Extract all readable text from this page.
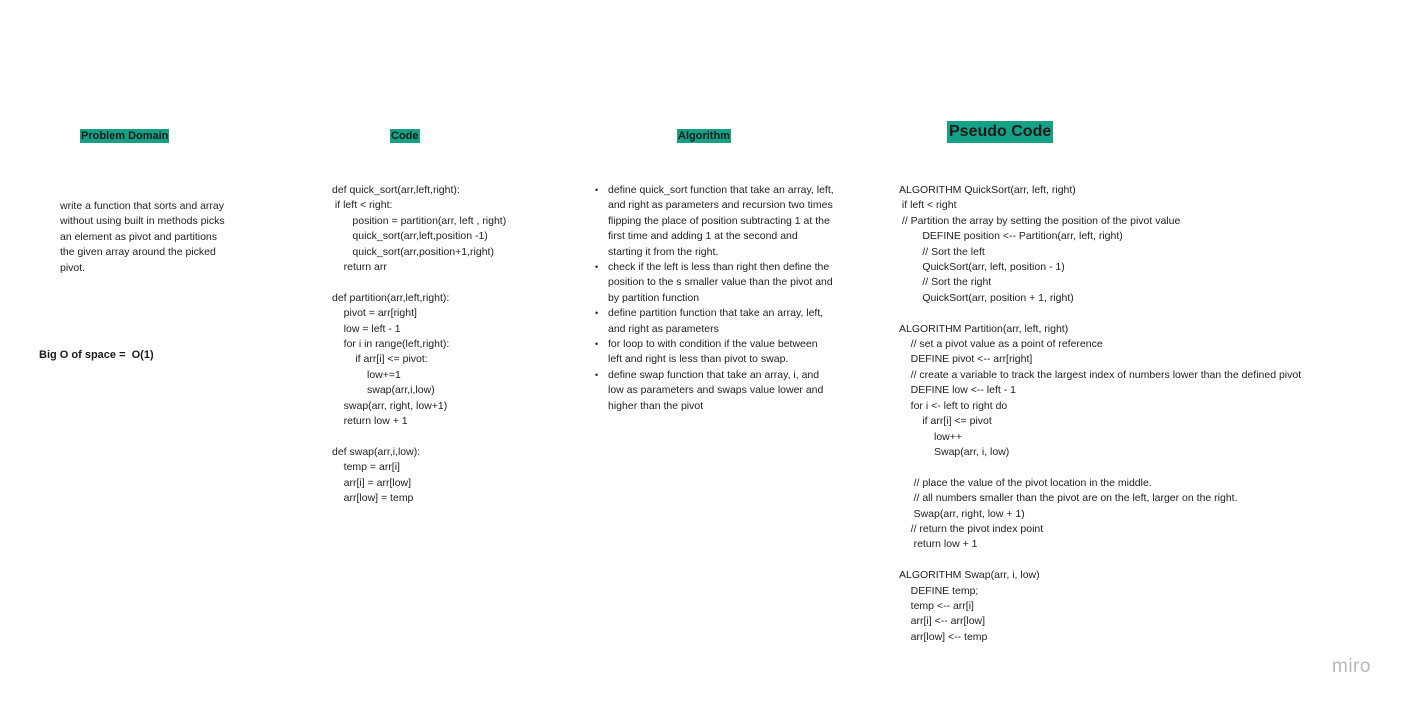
Problem Domain	Code	Algorithm	Pseudo Code
write a function that sorts and array without using built in methods picks an element as pivot and partitions the given array around the picked pivot.
Big O of space =  O(1)
def quick_sort(arr,left,right):
if left < right:
position = partition(arr, left , right)
quick_sort(arr,left,position -1)
quick_sort(arr,position+1,right)
return arr

def partition(arr,left,right):
pivot = arr[right]
low = left - 1
for i in range(left,right):
if arr[i] <= pivot:
low+=1
swap(arr,i,low)
swap(arr, right, low+1)
return low + 1

def swap(arr,i,low):
temp = arr[i]
arr[i] = arr[low]
arr[low] = temp
• define quick_sort function that take an array, left, and right as parameters and recursion two times flipping the place of position subtracting 1 at the first time and adding 1 at the second and starting it from the right.
• check if the left is less than right then define the position to the s smaller value than the pivot and by partition function
• define partition function that take an array, left, and right as parameters
• for loop to with condition if the value between left and right is less than pivot to swap.
• define swap function that take an array, i, and low as parameters and swaps value lower and higher than the pivot
ALGORITHM QuickSort(arr, left, right)
if left < right
// Partition the array by setting the position of the pivot value
DEFINE position <-- Partition(arr, left, right)
// Sort the left
QuickSort(arr, left, position - 1)
// Sort the right
QuickSort(arr, position + 1, right)

ALGORITHM Partition(arr, left, right)
// set a pivot value as a point of reference
DEFINE pivot <-- arr[right]
// create a variable to track the largest index of numbers lower than the defined pivot
DEFINE low <-- left - 1
for i <- left to right do
if arr[i] <= pivot
low++
Swap(arr, i, low)

// place the value of the pivot location in the middle.
// all numbers smaller than the pivot are on the left, larger on the right.
Swap(arr, right, low + 1)
// return the pivot index point
return low + 1

ALGORITHM Swap(arr, i, low)
DEFINE temp;
temp <-- arr[i]
arr[i] <-- arr[low]
arr[low] <-- temp
miro
